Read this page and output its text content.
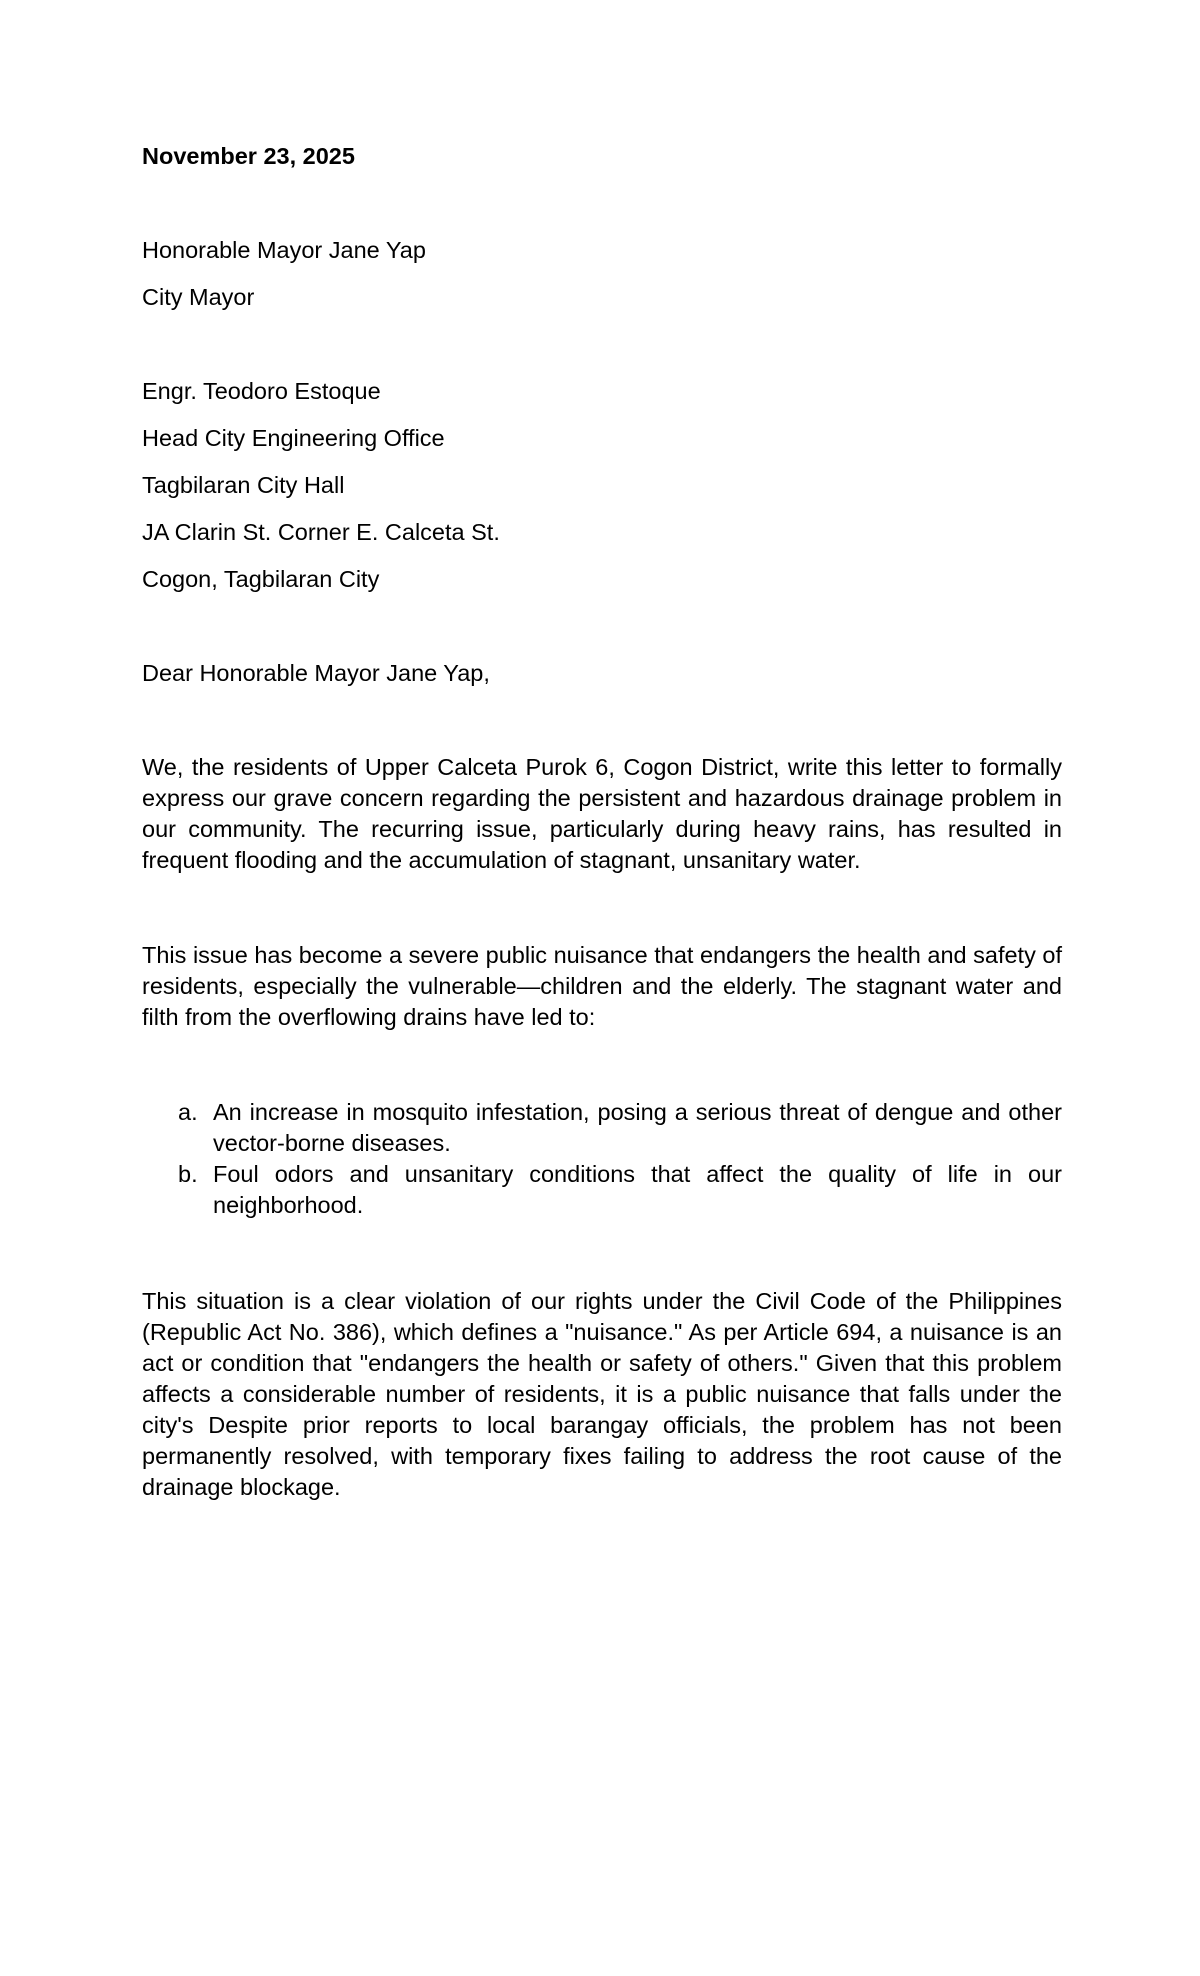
November 23, 2025
Honorable Mayor Jane Yap
City Mayor
Engr. Teodoro Estoque
Head City Engineering Office
Tagbilaran City Hall
JA Clarin St. Corner E. Calceta St.
Cogon, Tagbilaran City
Dear Honorable Mayor Jane Yap,
We, the residents of Upper Calceta Purok 6, Cogon District, write this letter to formally express our grave concern regarding the persistent and hazardous drainage problem in our community. The recurring issue, particularly during heavy rains, has resulted in frequent flooding and the accumulation of stagnant, unsanitary water.
This issue has become a severe public nuisance that endangers the health and safety of residents, especially the vulnerable—children and the elderly. The stagnant water and filth from the overflowing drains have led to:
a. An increase in mosquito infestation, posing a serious threat of dengue and other vector-borne diseases.
b. Foul odors and unsanitary conditions that affect the quality of life in our neighborhood.
This situation is a clear violation of our rights under the Civil Code of the Philippines (Republic Act No. 386), which defines a "nuisance." As per Article 694, a nuisance is an act or condition that "endangers the health or safety of others." Given that this problem affects a considerable number of residents, it is a public nuisance that falls under the city's Despite prior reports to local barangay officials, the problem has not been permanently resolved, with temporary fixes failing to address the root cause of the drainage blockage.
